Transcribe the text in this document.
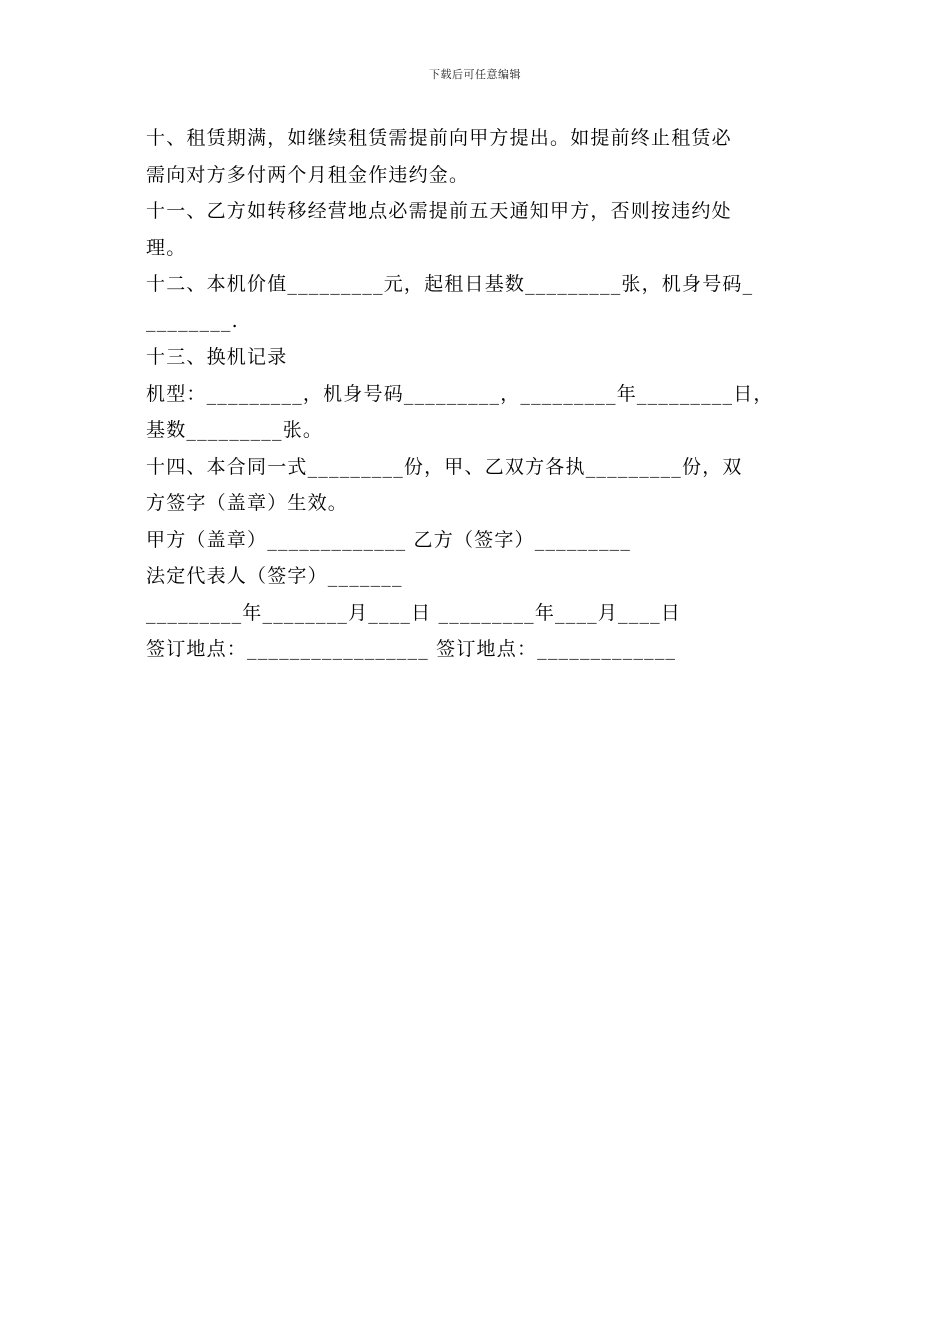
下载后可任意编辑
十、租赁期满，如继续租赁需提前向甲方提出。如提前终止租赁必
需向对方多付两个月租金作违约金。
十一、乙方如转移经营地点必需提前五天通知甲方，否则按违约处
理。
十二、本机价值_________元，起租日基数_________张，机身号码_
________.
十三、换机记录
机型：_________，机身号码_________，_________年_________日，
基数_________张。
十四、本合同一式_________份，甲、乙双方各执_________份，双
方签字（盖章）生效。
甲方（盖章）_____________ 乙方（签字）_________
法定代表人（签字）_______
_________年________月____日 _________年____月____日
签订地点：_________________ 签订地点：_____________
